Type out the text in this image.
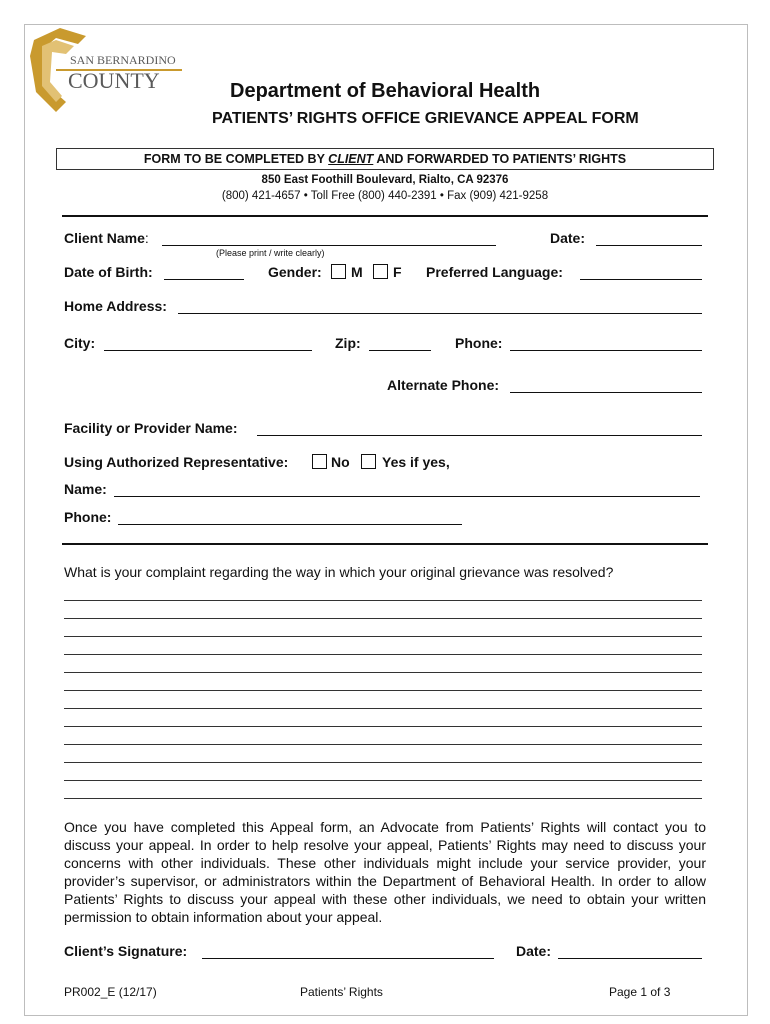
SAN BERNARDINO
COUNTY	Department of Behavioral Health
PATIENTS’ RIGHTS OFFICE GRIEVANCE APPEAL FORM
FORM TO BE COMPLETED BY CLIENT AND FORWARDED TO PATIENTS’ RIGHTS
850 East Foothill Boulevard, Rialto, CA 92376
(800) 421-4657 • Toll Free (800) 440-2391 • Fax (909) 421-9258
Client Name:
(Please print / write clearly)
Date:
Date of Birth:	Gender: M F Preferred Language:
Home Address:
City:	Zip:	Phone:
Alternate Phone:
Facility or Provider Name:
Using Authorized Representative:	No Yes if yes,
Name:
Phone:
What is your complaint regarding the way in which your original grievance was resolved?
Once you have completed this Appeal form, an Advocate from Patients’ Rights will contact you to discuss your appeal. In order to help resolve your appeal, Patients’ Rights may need to discuss your concerns with other individuals. These other individuals might include your service provider, your provider’s supervisor, or administrators within the Department of Behavioral Health. In order to allow Patients’ Rights to discuss your appeal with these other individuals, we need to obtain your written permission to obtain information about your appeal.
Client’s Signature:	Date:
PR002_E (12/17)	Patients’ Rights	Page 1 of 3
